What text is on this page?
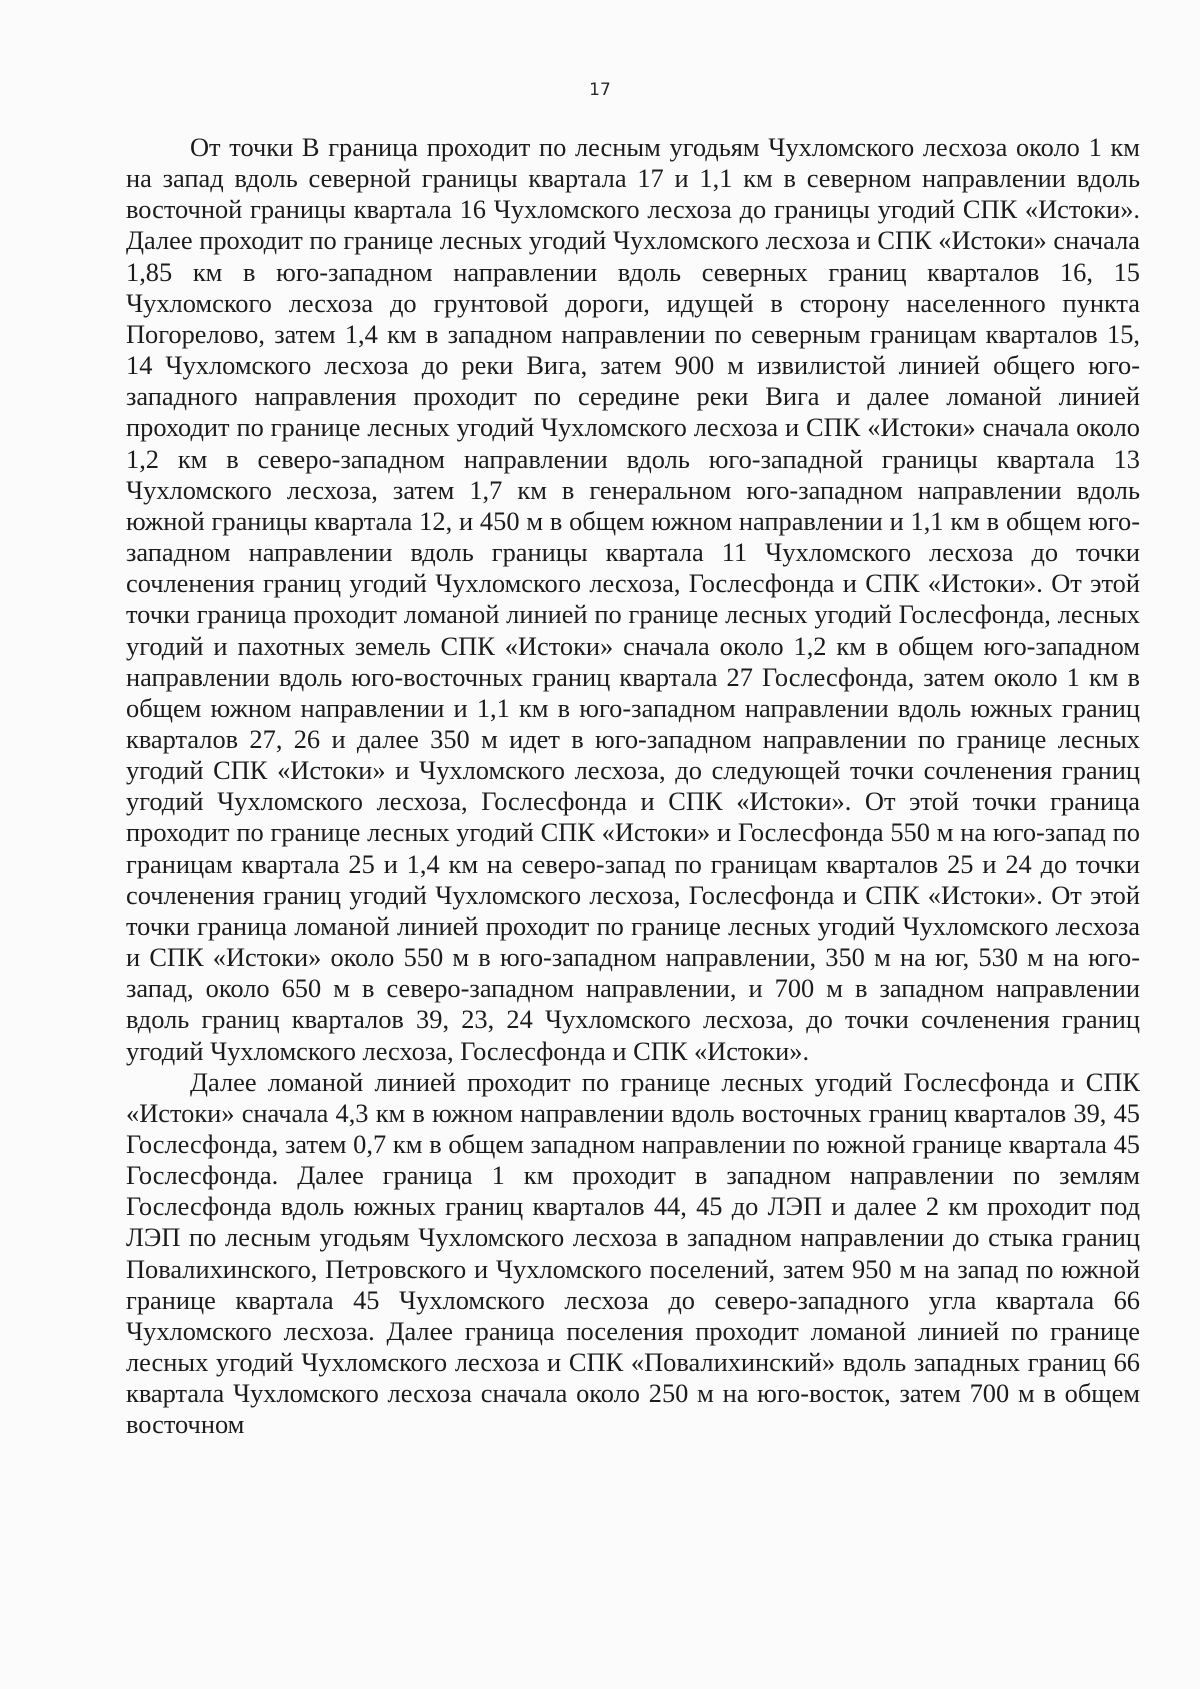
17

От точки В граница проходит по лесным угодьям Чухломского лесхоза около 1 км на запад вдоль северной границы квартала 17 и 1,1 км в северном направлении вдоль восточной границы квартала 16 Чухломского лесхоза до границы угодий СПК «Истоки». Далее проходит по границе лесных угодий Чухломского лесхоза и СПК «Истоки» сначала 1,85 км в юго-западном направлении вдоль северных границ кварталов 16, 15 Чухломского лесхоза до грунтовой дороги, идущей в сторону населенного пункта Погорелово, затем 1,4 км в западном направлении по северным границам кварталов 15, 14 Чухломского лесхоза до реки Вига, затем 900 м извилистой линией общего юго-западного направления проходит по середине реки Вига и далее ломаной линией проходит по границе лесных угодий Чухломского лесхоза и СПК «Истоки» сначала около 1,2 км в северо-западном направлении вдоль юго-западной границы квартала 13 Чухломского лесхоза, затем 1,7 км в генеральном юго-западном направлении вдоль южной границы квартала 12, и 450 м в общем южном направлении и 1,1 км в общем юго-западном направлении вдоль границы квартала 11 Чухломского лесхоза до точки сочленения границ угодий Чухломского лесхоза, Гослесфонда и СПК «Истоки». От этой точки граница проходит ломаной линией по границе лесных угодий Гослесфонда, лесных угодий и пахотных земель СПК «Истоки» сначала около 1,2 км в общем юго-западном направлении вдоль юго-восточных границ квартала 27 Гослесфонда, затем около 1 км в общем южном направлении и 1,1 км в юго-западном направлении вдоль южных границ кварталов 27, 26 и далее 350 м идет в юго-западном направлении по границе лесных угодий СПК «Истоки» и Чухломского лесхоза, до следующей точки сочленения границ угодий Чухломского лесхоза, Гослесфонда и СПК «Истоки». От этой точки граница проходит по границе лесных угодий СПК «Истоки» и Гослесфонда 550 м на юго-запад по границам квартала 25 и 1,4 км на северо-запад по границам кварталов 25 и 24 до точки сочленения границ угодий Чухломского лесхоза, Гослесфонда и СПК «Истоки». От этой точки граница ломаной линией проходит по границе лесных угодий Чухломского лесхоза и СПК «Истоки» около 550 м в юго-западном направлении, 350 м на юг, 530 м на юго-запад, около 650 м в северо-западном направлении, и 700 м в западном направлении вдоль границ кварталов 39, 23, 24 Чухломского лесхоза, до точки сочленения границ угодий Чухломского лесхоза, Гослесфонда и СПК «Истоки».

Далее ломаной линией проходит по границе лесных угодий Гослесфонда и СПК «Истоки» сначала 4,3 км в южном направлении вдоль восточных границ кварталов 39, 45 Гослесфонда, затем 0,7 км в общем западном направлении по южной границе квартала 45 Гослесфонда. Далее граница 1 км проходит в западном направлении по землям Гослесфонда вдоль южных границ кварталов 44, 45 до ЛЭП и далее 2 км проходит под ЛЭП по лесным угодьям Чухломского лесхоза в западном направлении до стыка границ Повалихинского, Петровского и Чухломского поселений, затем 950 м на запад по южной границе квартала 45 Чухломского лесхоза до северо-западного угла квартала 66 Чухломского лесхоза. Далее граница поселения проходит ломаной линией по границе лесных угодий Чухломского лесхоза и СПК «Повалихинский» вдоль западных границ 66 квартала Чухломского лесхоза сначала около 250 м на юго-восток, затем 700 м в общем восточном
